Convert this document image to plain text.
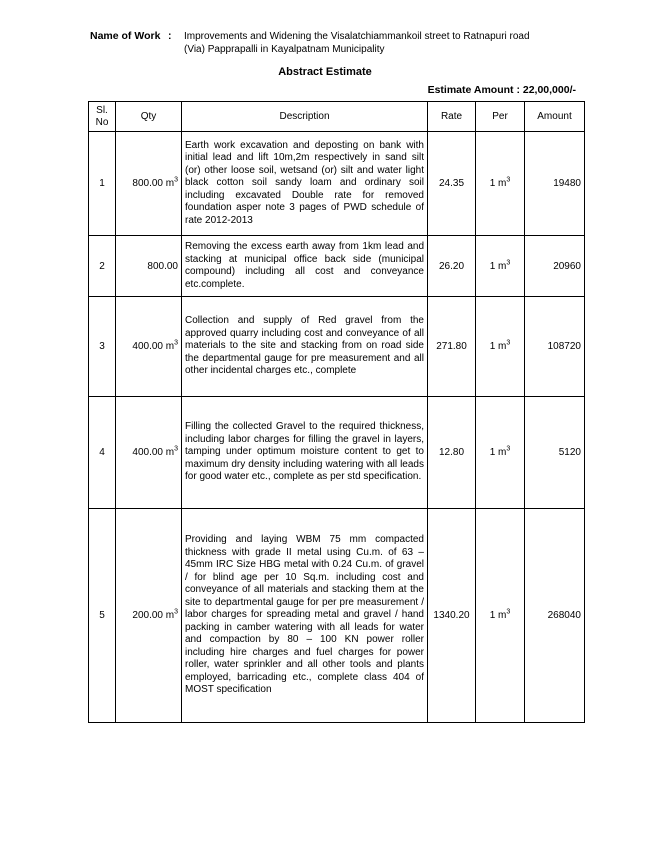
Name of Work : Improvements and Widening the Visalatchiammankoil street to Ratnapuri road
(Via) Papprapalli in Kayalpatnam Municipality
Abstract Estimate
Estimate Amount : 22,00,000/-
Sl.
No	Qty	Description	Rate	Per	Amount
1	800.00 $m^3$	Earth work excavation and deposting on bank with initial lead and lift 10m,2m respectively in sand silt (or) other loose soil, wetsand (or) silt and water light black cotton soil sandy loam and ordinary soil including excavated Double rate for removed foundation asper note 3 pages of PWD schedule of rate 2012-2013	24.35	1 $m^3$	19480
2	800.00	Removing the excess earth away from 1km lead and stacking at municipal office back side (municipal compound) including all cost and conveyance etc.complete.	26.20	1 $m^3$	20960
3	400.00 $m^3$	Collection and supply of Red gravel from the approved quarry including cost and conveyance of all materials to the site and stacking from on road side the departmental gauge for pre measurement and all other incidental charges etc., complete	271.80	1 $m^3$	108720
4	400.00 $m^3$	Filling the collected Gravel to the required thickness, including labor charges for filling the gravel in layers, tamping under optimum moisture content to get to maximum dry density including watering with all leads for good water etc., complete as per std specification.	12.80	1 $m^3$	5120
5	200.00 $m^3$	Providing and laying WBM 75 mm compacted thickness with grade II metal using Cu.m. of 63 – 45mm IRC Size HBG metal with 0.24 Cu.m. of gravel / for blind age per 10 Sq.m. including cost and conveyance of all materials and stacking them at the site to departmental gauge for per pre measurement / labor charges for spreading metal and gravel / hand packing in camber watering with all leads for water and compaction by 80 – 100 KN power roller including hire charges and fuel charges for power roller, water sprinkler and all other tools and plants employed, barricading etc., complete class 404 of MOST specification	1340.20	1 $m^3$	268040
